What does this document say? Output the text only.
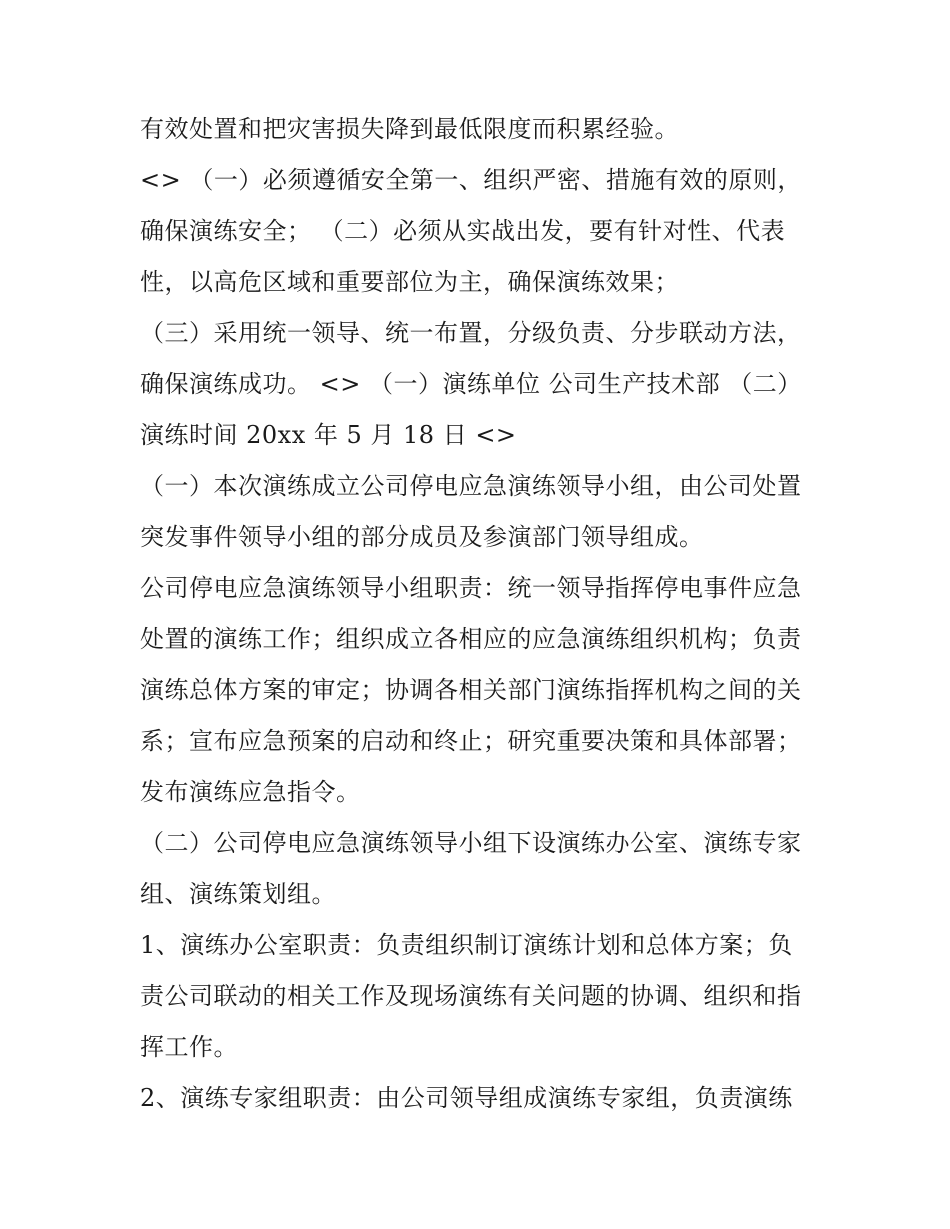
有效处置和把灾害损失降到最低限度而积累经验。

<> （一）必须遵循安全第一、组织严密、措施有效的原则，确保演练安全； （二）必须从实战出发，要有针对性、代表性，以高危区域和重要部位为主，确保演练效果；

（三）采用统一领导、统一布置，分级负责、分步联动方法，确保演练成功。 <> （一）演练单位 公司生产技术部 （二）演练时间 20xx 年 5 月 18 日 <>

（一）本次演练成立公司停电应急演练领导小组，由公司处置突发事件领导小组的部分成员及参演部门领导组成。

公司停电应急演练领导小组职责：统一领导指挥停电事件应急处置的演练工作；组织成立各相应的应急演练组织机构；负责演练总体方案的审定；协调各相关部门演练指挥机构之间的关系；宣布应急预案的启动和终止；研究重要决策和具体部署；发布演练应急指令。

（二）公司停电应急演练领导小组下设演练办公室、演练专家组、演练策划组。

1、演练办公室职责：负责组织制订演练计划和总体方案；负责公司联动的相关工作及现场演练有关问题的协调、组织和指挥工作。

2、演练专家组职责：由公司领导组成演练专家组，负责演练
